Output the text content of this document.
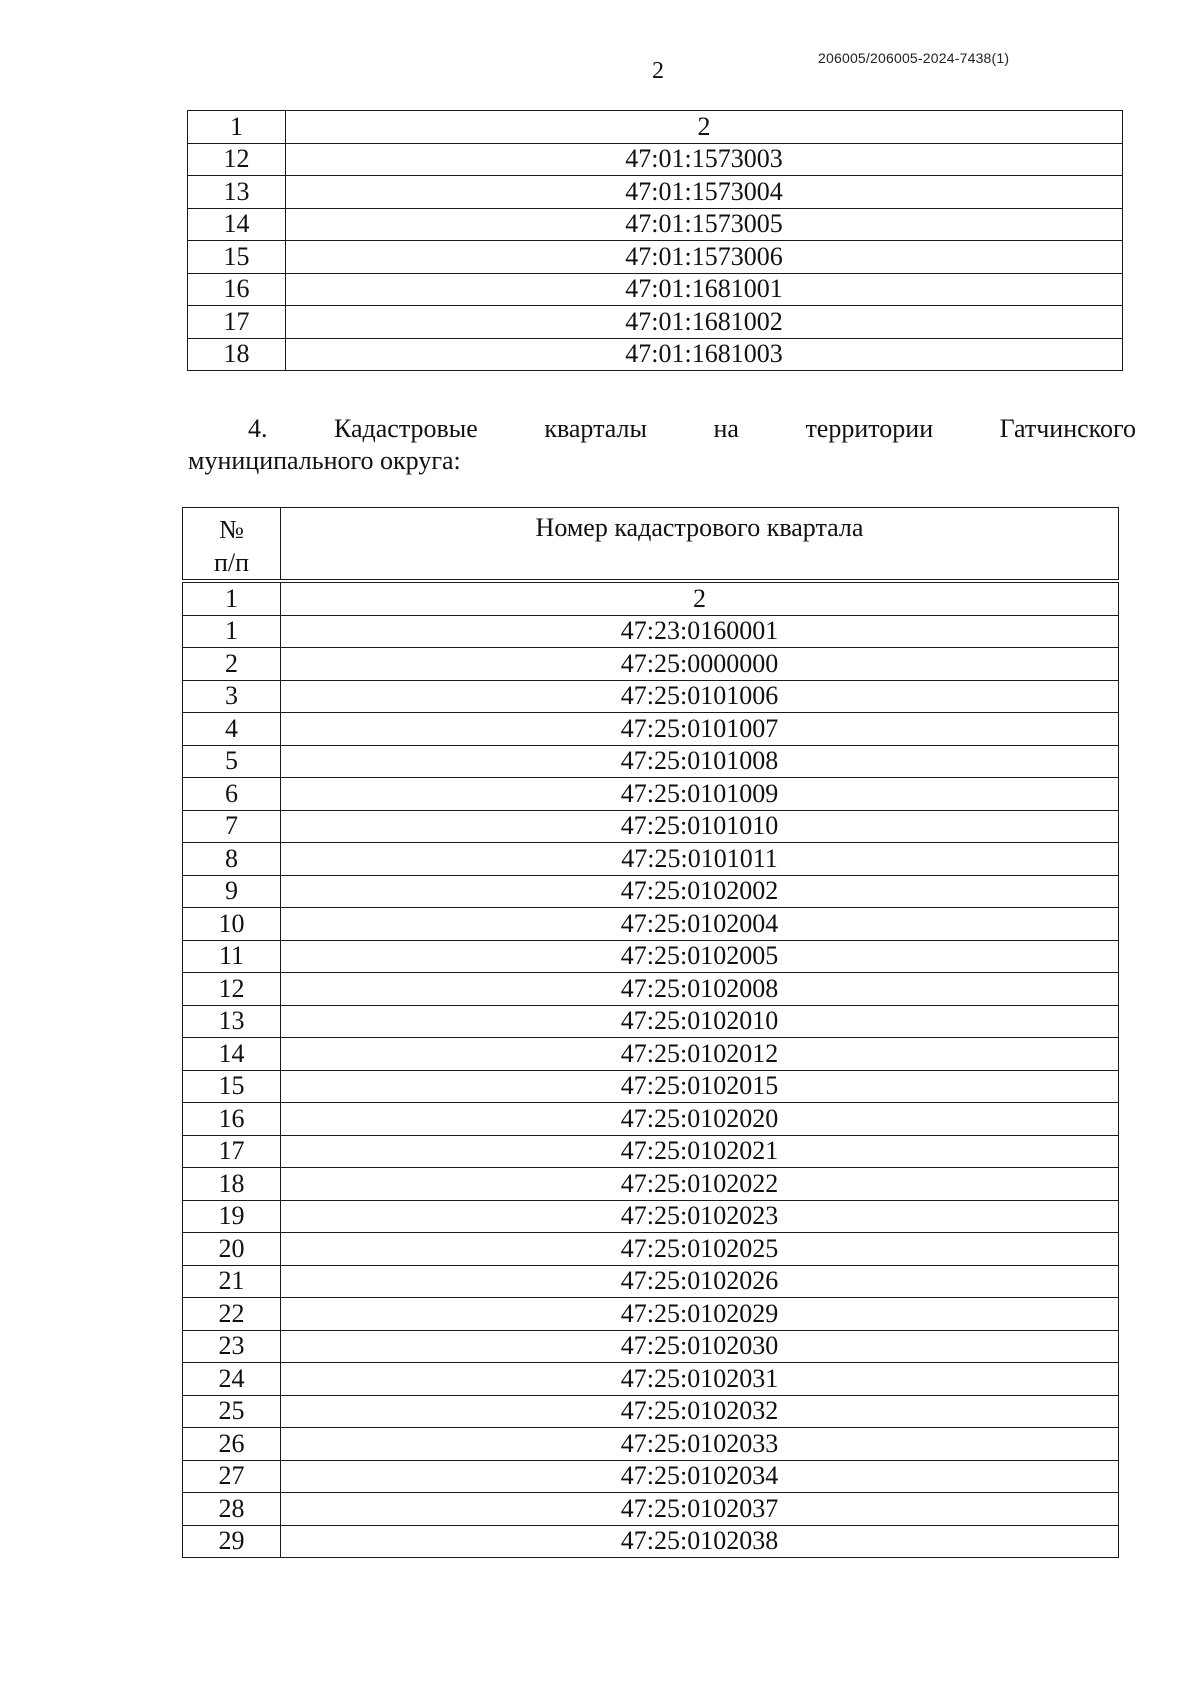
206005/206005-2024-7438(1)
2
1	2
12	47:01:1573003
13	47:01:1573004
14	47:01:1573005
15	47:01:1573006
16	47:01:1681001
17	47:01:1681002
18	47:01:1681003
4.	Кадастровые	кварталы	на	территории	Гатчинского
муниципального округа:
№
п/п	Номер кадастрового квартала
1	2
1	47:23:0160001
2	47:25:0000000
3	47:25:0101006
4	47:25:0101007
5	47:25:0101008
6	47:25:0101009
7	47:25:0101010
8	47:25:0101011
9	47:25:0102002
10	47:25:0102004
11	47:25:0102005
12	47:25:0102008
13	47:25:0102010
14	47:25:0102012
15	47:25:0102015
16	47:25:0102020
17	47:25:0102021
18	47:25:0102022
19	47:25:0102023
20	47:25:0102025
21	47:25:0102026
22	47:25:0102029
23	47:25:0102030
24	47:25:0102031
25	47:25:0102032
26	47:25:0102033
27	47:25:0102034
28	47:25:0102037
29	47:25:0102038
